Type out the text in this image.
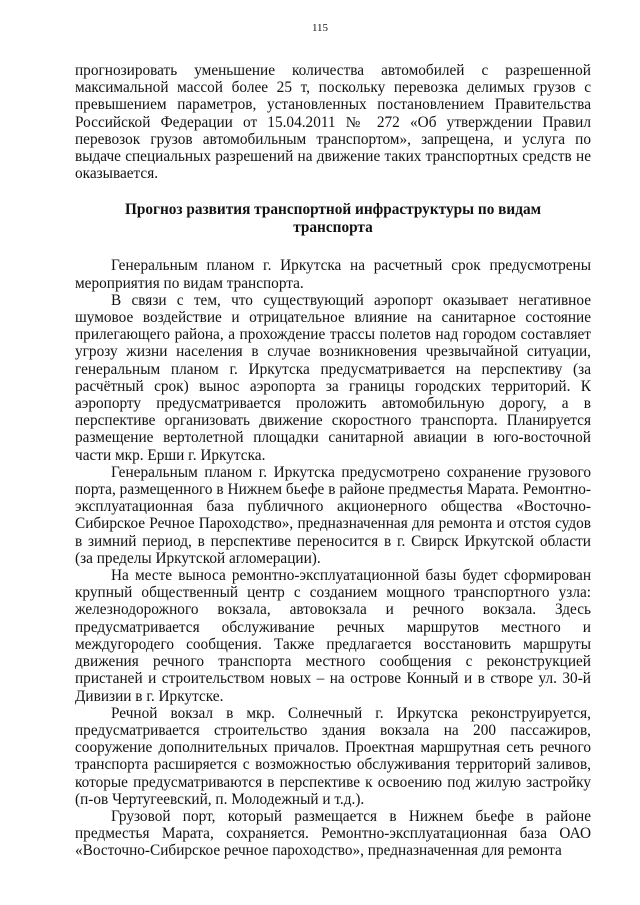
115

прогнозировать уменьшение количества автомобилей с разрешенной максимальной массой более 25 т, поскольку перевозка делимых грузов с превышением параметров, установленных постановлением Правительства Российской Федерации от 15.04.2011 № 272 «Об утверждении Правил перевозок грузов автомобильным транспортом», запрещена, и услуга по выдаче специальных разрешений на движение таких транспортных средств не оказывается.

Прогноз развития транспортной инфраструктуры по видам транспорта

Генеральным планом г. Иркутска на расчетный срок предусмотрены мероприятия по видам транспорта.

В связи с тем, что существующий аэропорт оказывает негативное шумовое воздействие и отрицательное влияние на санитарное состояние прилегающего района, а прохождение трассы полетов над городом составляет угрозу жизни населения в случае возникновения чрезвычайной ситуации, генеральным планом г. Иркутска предусматривается на перспективу (за расчётный срок) вынос аэропорта за границы городских территорий. К аэропорту предусматривается проложить автомобильную дорогу, а в перспективе организовать движение скоростного транспорта. Планируется размещение вертолетной площадки санитарной авиации в юго-восточной части мкр. Ерши г. Иркутска.

Генеральным планом г. Иркутска предусмотрено сохранение грузового порта, размещенного в Нижнем бьефе в районе предместья Марата. Ремонтно-эксплуатационная база публичного акционерного общества «Восточно-Сибирское Речное Пароходство», предназначенная для ремонта и отстоя судов в зимний период, в перспективе переносится в г. Свирск Иркутской области (за пределы Иркутской агломерации).

На месте выноса ремонтно-эксплуатационной базы будет сформирован крупный общественный центр с созданием мощного транспортного узла: железнодорожного вокзала, автовокзала и речного вокзала. Здесь предусматривается обслуживание речных маршрутов местного и междугородего сообщения. Также предлагается восстановить маршруты движения речного транспорта местного сообщения с реконструкцией пристаней и строительством новых – на острове Конный и в створе ул. 30-й Дивизии в г. Иркутске.

Речной вокзал в мкр. Солнечный г. Иркутска реконструируется, предусматривается строительство здания вокзала на 200 пассажиров, сооружение дополнительных причалов. Проектная маршрутная сеть речного транспорта расширяется с возможностью обслуживания территорий заливов, которые предусматриваются в перспективе к освоению под жилую застройку (п-ов Чертугеевский, п. Молодежный и т.д.).

Грузовой порт, который размещается в Нижнем бьефе в районе предместья Марата, сохраняется. Ремонтно-эксплуатационная база ОАО «Восточно-Сибирское речное пароходство», предназначенная для ремонта
